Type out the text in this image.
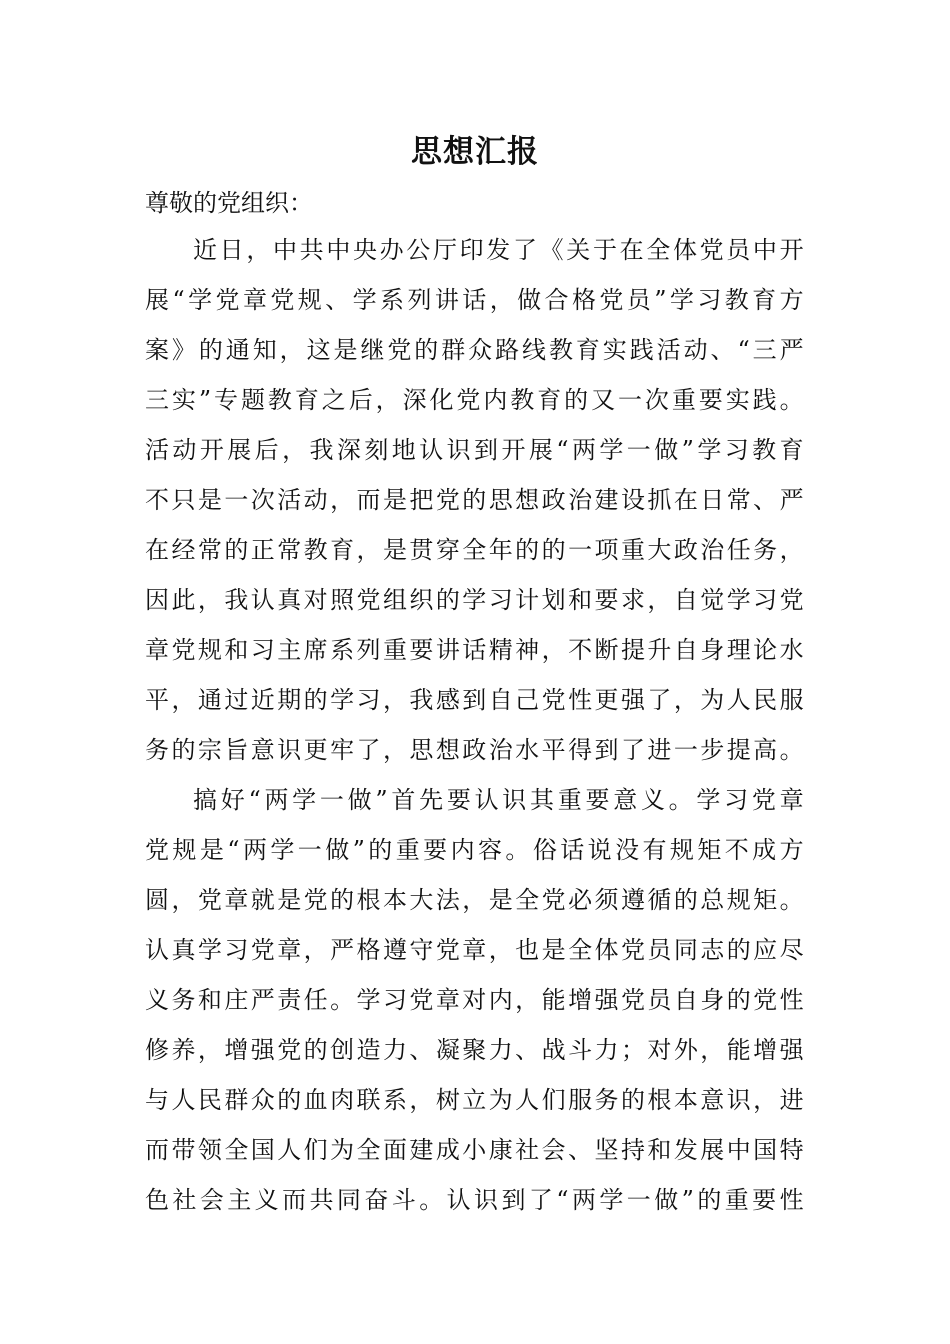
思想汇报
尊敬的党组织：
近日，中共中央办公厅印发了《关于在全体党员中开
展“学党章党规、学系列讲话，做合格党员”学习教育方
案》的通知，这是继党的群众路线教育实践活动、“三严
三实”专题教育之后，深化党内教育的又一次重要实践。
活动开展后，我深刻地认识到开展“两学一做”学习教育
不只是一次活动，而是把党的思想政治建设抓在日常、严
在经常的正常教育，是贯穿全年的的一项重大政治任务，
因此，我认真对照党组织的学习计划和要求，自觉学习党
章党规和习主席系列重要讲话精神，不断提升自身理论水
平，通过近期的学习，我感到自己党性更强了，为人民服
务的宗旨意识更牢了，思想政治水平得到了进一步提高。
搞好“两学一做”首先要认识其重要意义。学习党章
党规是“两学一做”的重要内容。俗话说没有规矩不成方
圆，党章就是党的根本大法，是全党必须遵循的总规矩。
认真学习党章，严格遵守党章，也是全体党员同志的应尽
义务和庄严责任。学习党章对内，能增强党员自身的党性
修养，增强党的创造力、凝聚力、战斗力；对外，能增强
与人民群众的血肉联系，树立为人们服务的根本意识，进
而带领全国人们为全面建成小康社会、坚持和发展中国特
色社会主义而共同奋斗。认识到了“两学一做”的重要性
